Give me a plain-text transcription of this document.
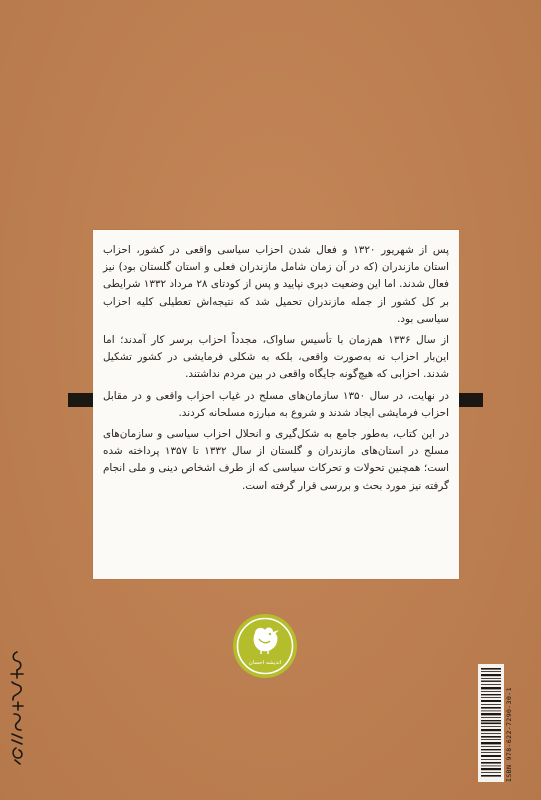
پس از شهریور ۱۳۲۰ و فعال شدن احزاب سیاسی واقعی در کشور، احزاب استان مازندران (که در آن زمان شامل مازندران فعلی و استان گلستان بود) نیز فعال شدند. اما این وضعیت دیری نپایید و پس از کودتای ۲۸ مرداد ۱۳۳۲ شرایطی بر کل کشور از جمله مازندران تحمیل شد که نتیجه‌اش تعطیلی کلیه احزاب سیاسی بود.

از سال ۱۳۳۶ هم‌زمان با تأسیس ساواک، مجدداً احزاب برسر کار آمدند؛ اما این‌بار احزاب نه به‌صورت واقعی، بلکه به شکلی فرمایشی در کشور تشکیل شدند. احزابی که هیچ‌گونه جایگاه واقعی در بین مردم نداشتند.

در نهایت، در سال ۱۳۵۰ سازمان‌های مسلح در غیاب احزاب واقعی و در مقابل احزاب فرمایشی ایجاد شدند و شروع به مبارزه مسلحانه کردند.

در این کتاب، به‌طور جامع به شکل‌گیری و انحلال احزاب سیاسی و سازمان‌های مسلح در استان‌های مازندران و گلستان از سال ۱۳۳۲ تا ۱۳۵۷ پرداخته شده است؛ همچنین تحولات و تحرکات سیاسی که از طرف اشخاص دینی و ملی انجام گرفته نیز مورد بحث و بررسی قرار گرفته است.

اندیشه احسان
ISBN 978-622-7290-30-1
